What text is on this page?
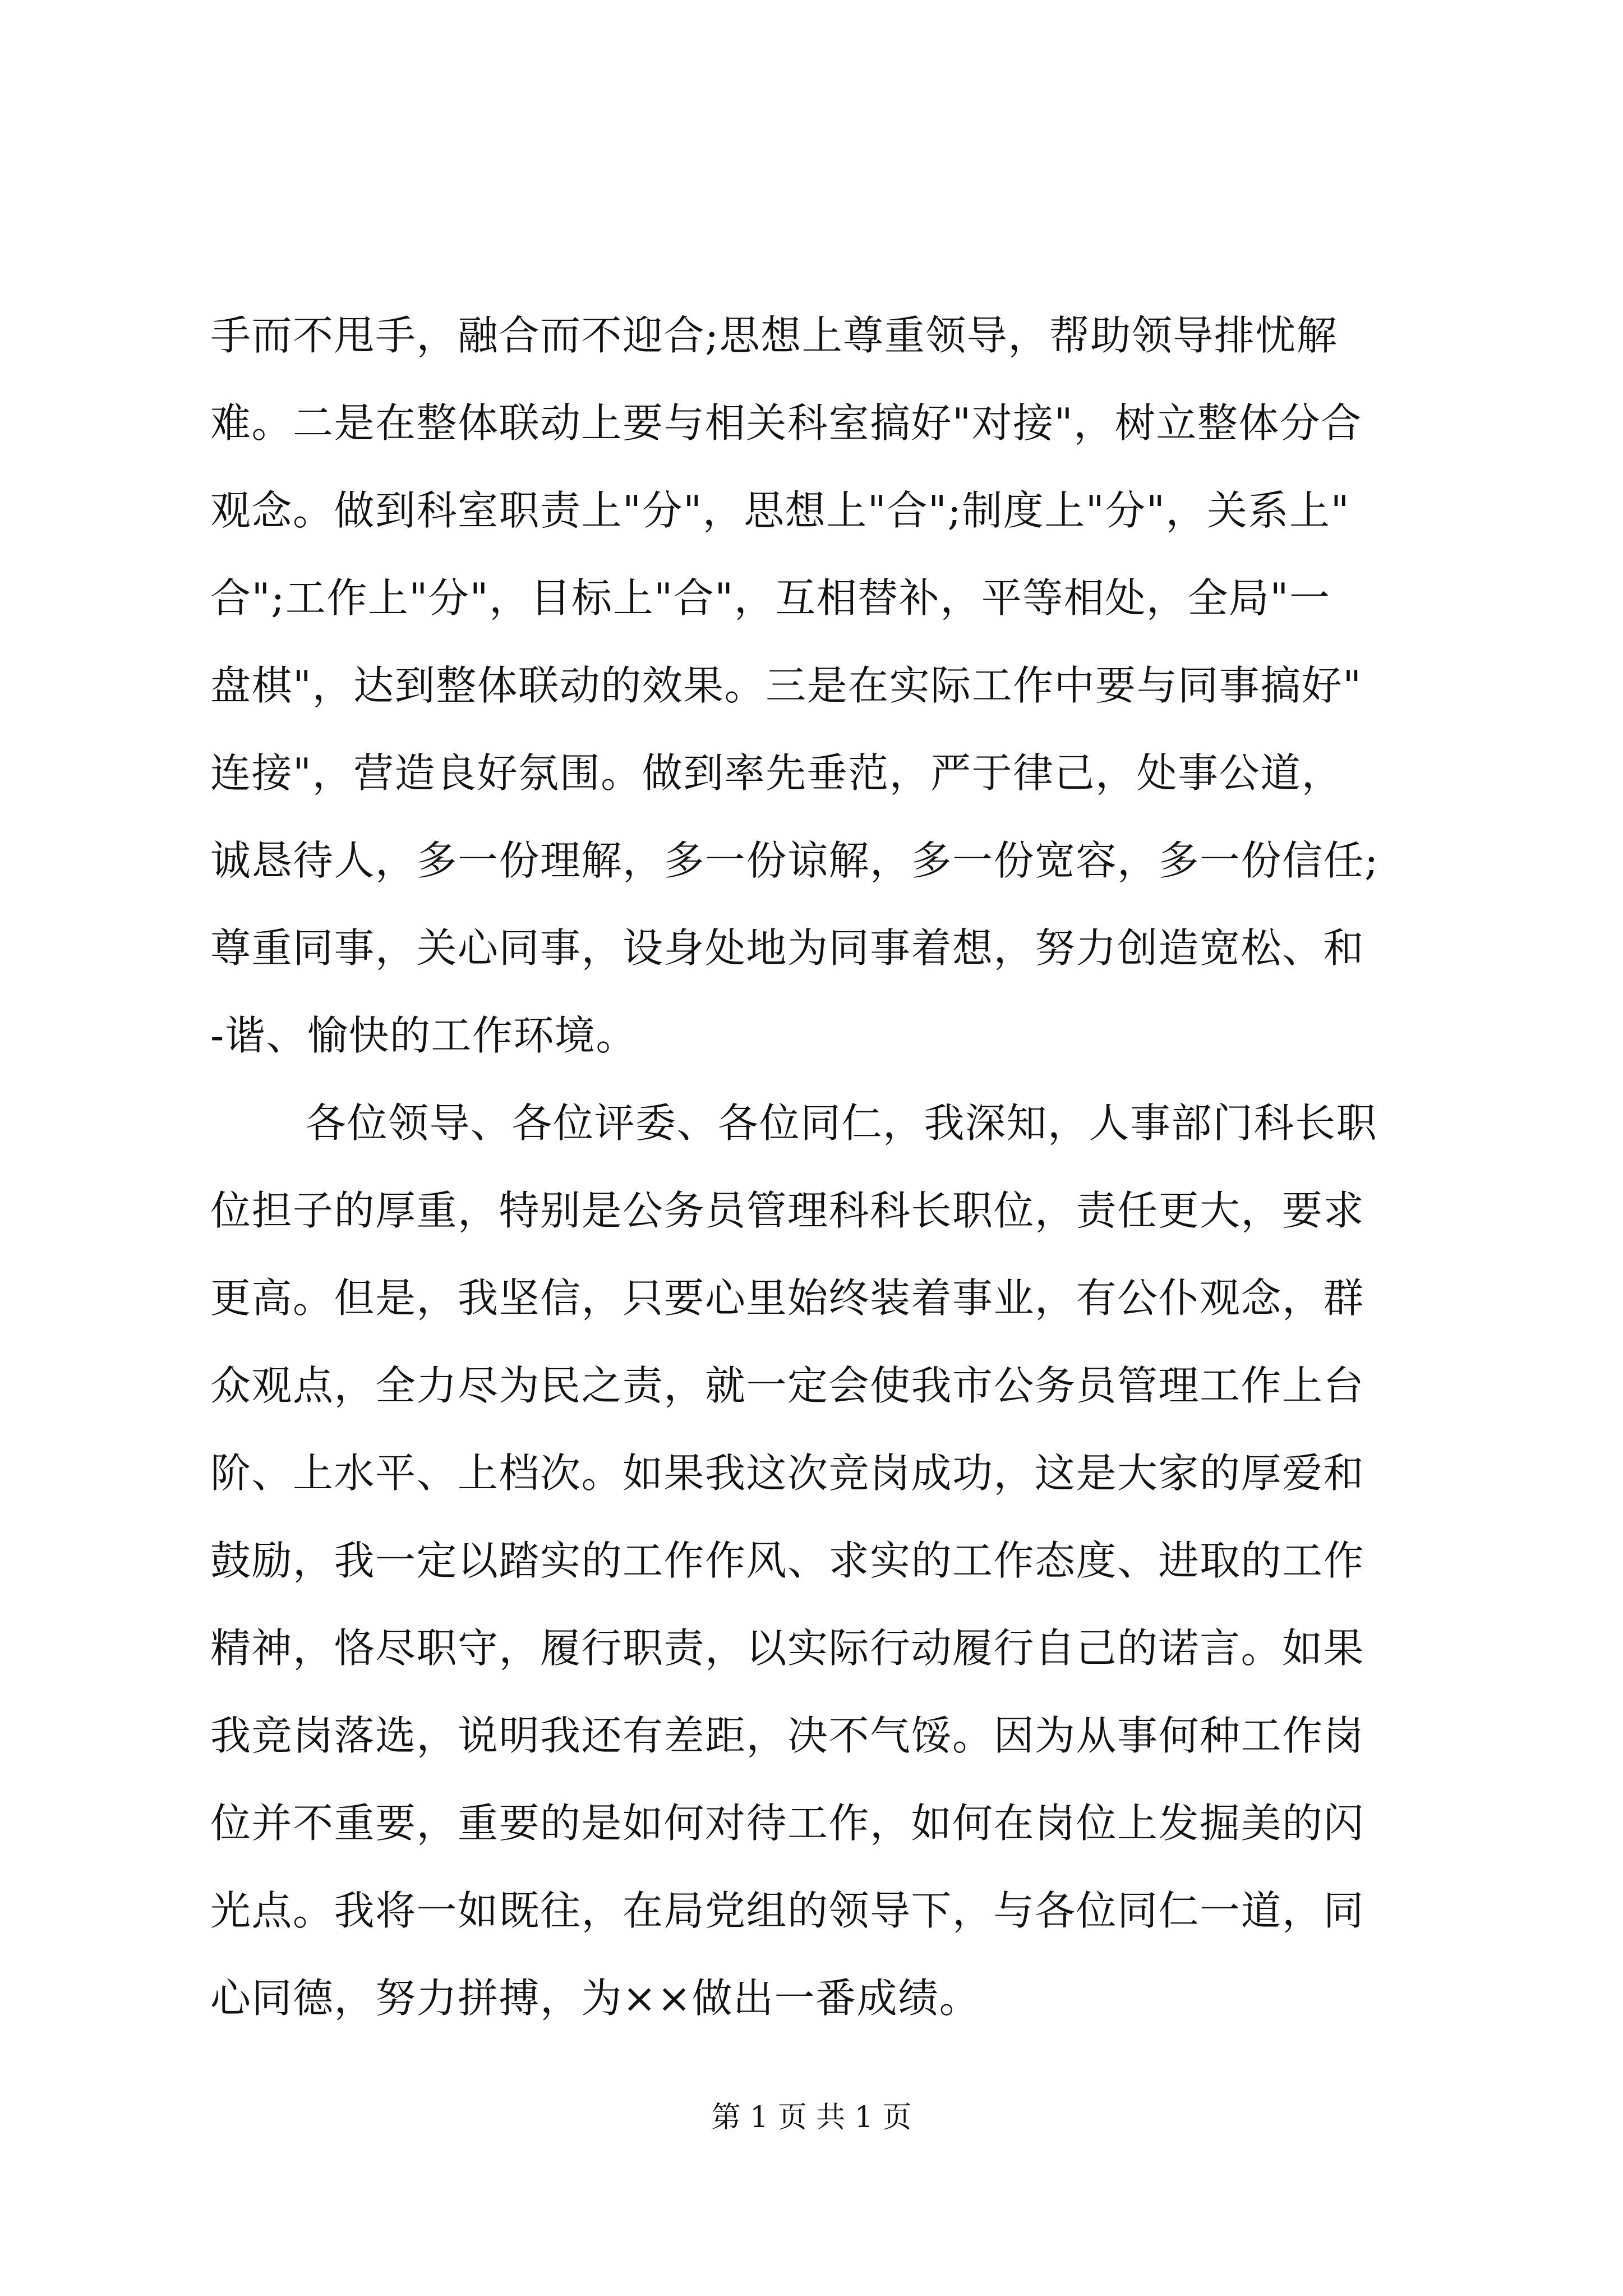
手而不甩手，融合而不迎合;思想上尊重领导，帮助领导排忧解
难。二是在整体联动上要与相关科室搞好"对接"，树立整体分合
观念。做到科室职责上"分"，思想上"合";制度上"分"，关系上"
合";工作上"分"，目标上"合"，互相替补，平等相处，全局"一
盘棋"，达到整体联动的效果。三是在实际工作中要与同事搞好"
连接"，营造良好氛围。做到率先垂范，严于律己，处事公道，
诚恳待人，多一份理解，多一份谅解，多一份宽容，多一份信任;
尊重同事，关心同事，设身处地为同事着想，努力创造宽松、和
-谐、愉快的工作环境。
各位领导、各位评委、各位同仁，我深知，人事部门科长职
位担子的厚重，特别是公务员管理科科长职位，责任更大，要求
更高。但是，我坚信，只要心里始终装着事业，有公仆观念，群
众观点，全力尽为民之责，就一定会使我市公务员管理工作上台
阶、上水平、上档次。如果我这次竞岗成功，这是大家的厚爱和
鼓励，我一定以踏实的工作作风、求实的工作态度、进取的工作
精神，恪尽职守，履行职责，以实际行动履行自己的诺言。如果
我竞岗落选，说明我还有差距，决不气馁。因为从事何种工作岗
位并不重要，重要的是如何对待工作，如何在岗位上发掘美的闪
光点。我将一如既往，在局党组的领导下，与各位同仁一道，同
心同德，努力拼搏，为××做出一番成绩。
第 1 页 共 1 页
